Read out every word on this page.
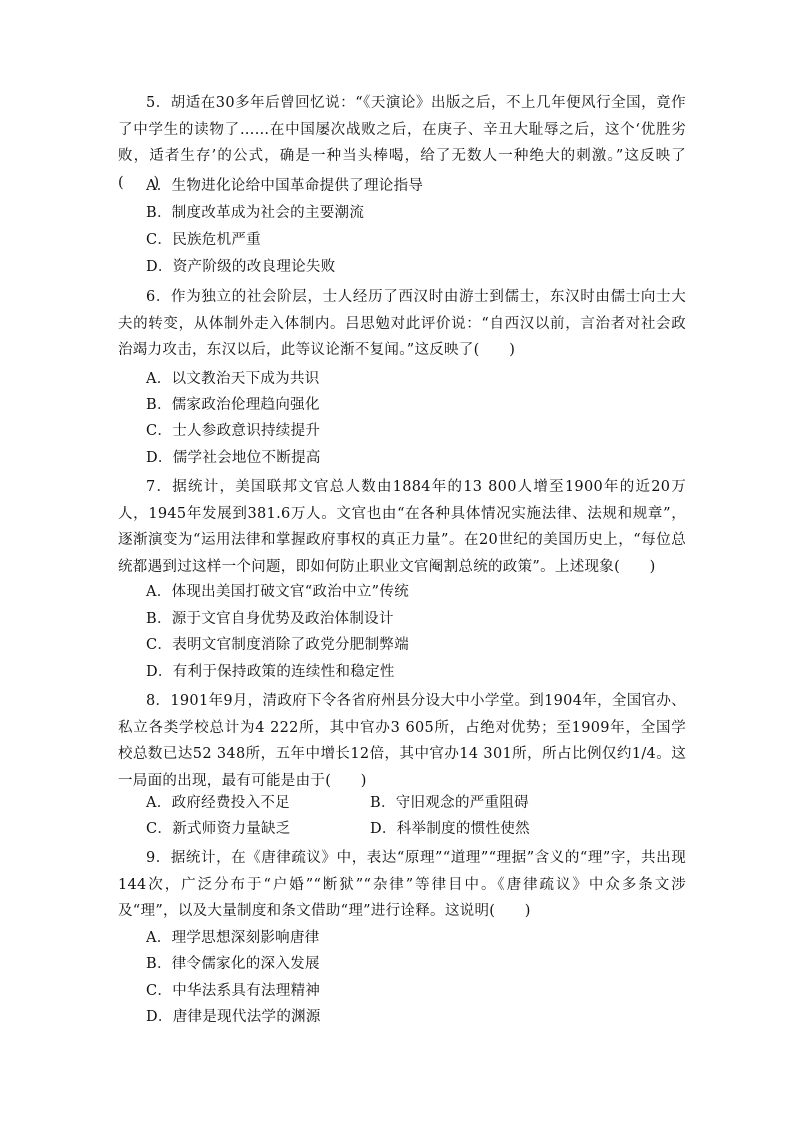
5．胡适在30多年后曾回忆说：“《天演论》出版之后，不上几年便风行全国，竟作了中学生的读物了……在中国屡次战败之后，在庚子、辛丑大耻辱之后，这个‘优胜劣败，适者生存’的公式，确是一种当头棒喝，给了无数人一种绝大的刺激。”这反映了(　　)

A．生物进化论给中国革命提供了理论指导

B．制度改革成为社会的主要潮流

C．民族危机严重

D．资产阶级的改良理论失败

6．作为独立的社会阶层，士人经历了西汉时由游士到儒士，东汉时由儒士向士大夫的转变，从体制外走入体制内。吕思勉对此评价说：“自西汉以前，言治者对社会政治竭力攻击，东汉以后，此等议论渐不复闻。”这反映了(　　)

A．以文教治天下成为共识

B．儒家政治伦理趋向强化

C．士人参政意识持续提升

D．儒学社会地位不断提高

7．据统计，美国联邦文官总人数由1884年的13 800人增至1900年的近20万人，1945年发展到381.6万人。文官也由“在各种具体情况实施法律、法规和规章”，逐渐演变为“运用法律和掌握政府事权的真正力量”。在20世纪的美国历史上，“每位总统都遇到过这样一个问题，即如何防止职业文官阉割总统的政策”。上述现象(　　)

A．体现出美国打破文官“政治中立”传统

B．源于文官自身优势及政治体制设计

C．表明文官制度消除了政党分肥制弊端

D．有利于保持政策的连续性和稳定性

8．1901年9月，清政府下令各省府州县分设大中小学堂。到1904年，全国官办、私立各类学校总计为4 222所，其中官办3 605所，占绝对优势；至1909年，全国学校总数已达52 348所，五年中增长12倍，其中官办14 301所，所占比例仅约1/4。这一局面的出现，最有可能是由于(　　)

A．政府经费投入不足	B．守旧观念的严重阻碍

C．新式师资力量缺乏	D．科举制度的惯性使然

9．据统计，在《唐律疏议》中，表达“原理”“道理”“理据”含义的“理”字，共出现144次，广泛分布于“户婚”“断狱”“杂律”等律目中。《唐律疏议》中众多条文涉及“理”，以及大量制度和条文借助“理”进行诠释。这说明(　　)

A．理学思想深刻影响唐律

B．律令儒家化的深入发展

C．中华法系具有法理精神

D．唐律是现代法学的渊源
